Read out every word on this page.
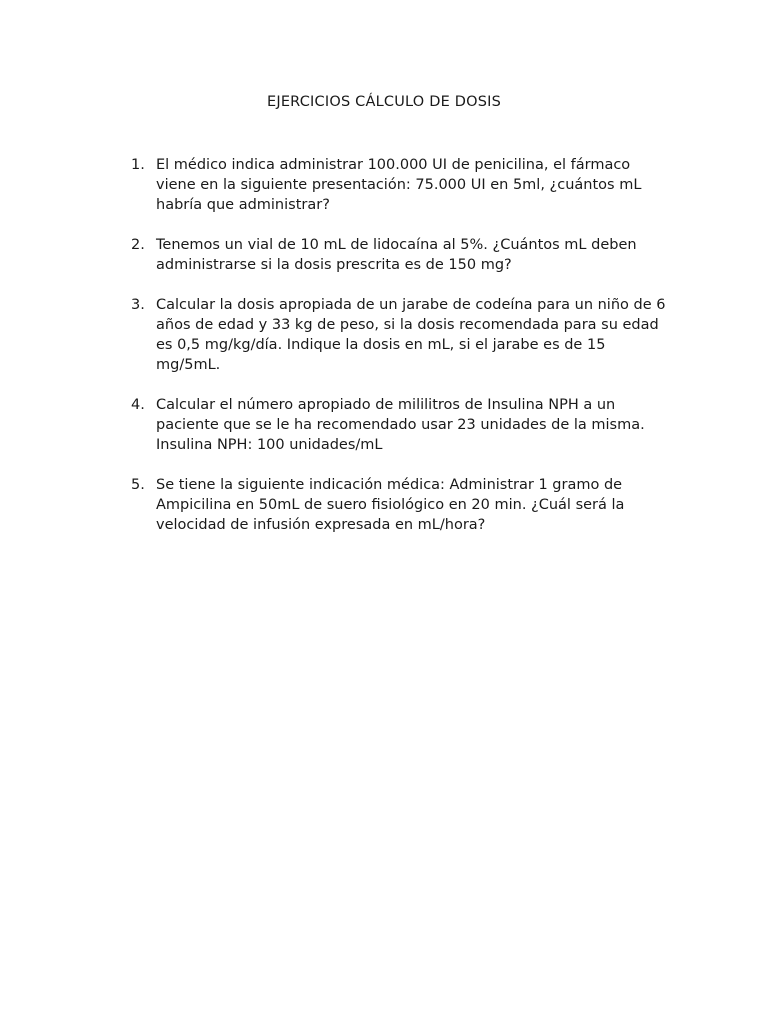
EJERCICIOS CÁLCULO DE DOSIS
1. El médico indica administrar 100.000 UI de penicilina, el fármaco
viene en la siguiente presentación: 75.000 UI en 5ml, ¿cuántos mL
habría que administrar?
2. Tenemos un vial de 10 mL de lidocaína al 5%. ¿Cuántos mL deben
administrarse si la dosis prescrita es de 150 mg?
3. Calcular la dosis apropiada de un jarabe de codeína para un niño de 6
años de edad y 33 kg de peso, si la dosis recomendada para su edad
es 0,5 mg/kg/día. Indique la dosis en mL, si el jarabe es de 15
mg/5mL.
4. Calcular el número apropiado de mililitros de Insulina NPH a un
paciente que se le ha recomendado usar 23 unidades de la misma.
Insulina NPH: 100 unidades/mL
5. Se tiene la siguiente indicación médica: Administrar 1 gramo de
Ampicilina en 50mL de suero fisiológico en 20 min. ¿Cuál será la
velocidad de infusión expresada en mL/hora?
